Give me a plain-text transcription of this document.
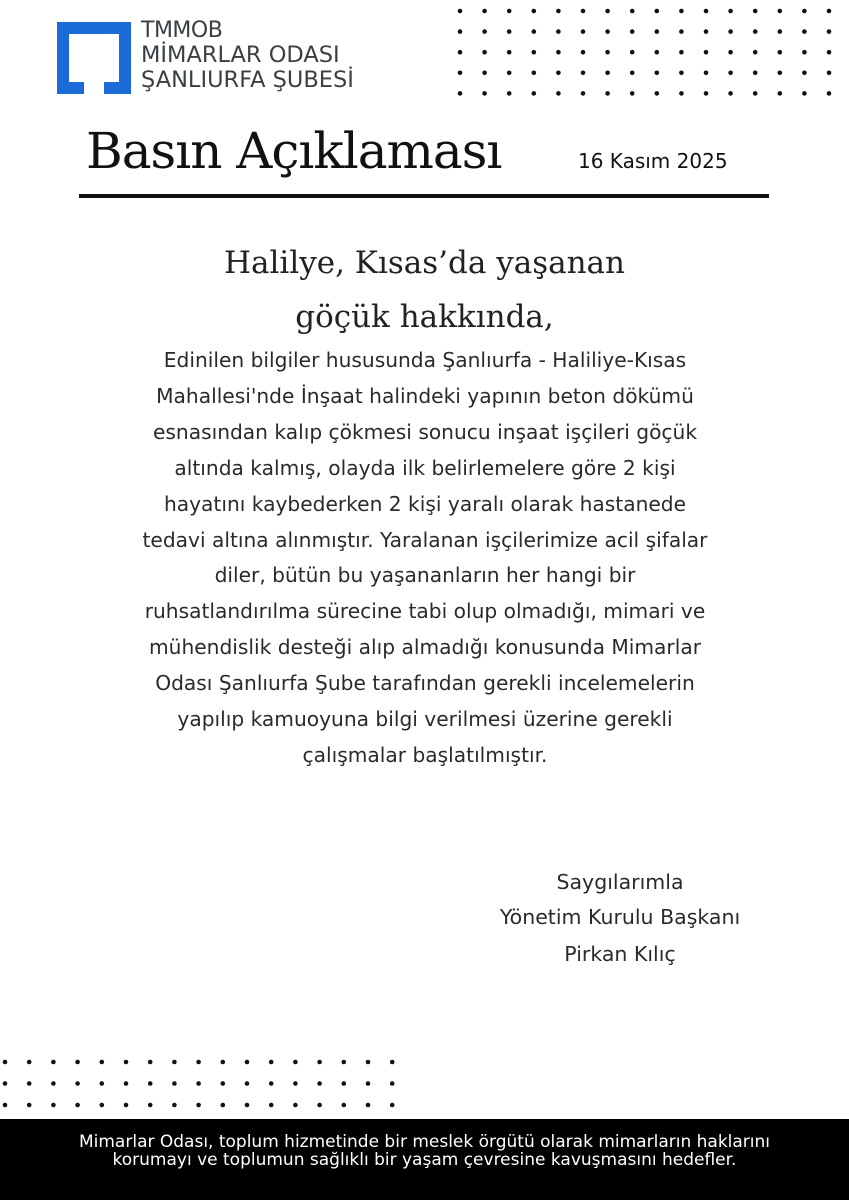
TMMOB
MİMARLAR ODASI
ŞANLIURFA ŞUBESİ
Basın Açıklaması	16 Kasım 2025
Halilye, Kısas’da yaşanan
göçük hakkında,
Edinilen bilgiler hususunda Şanlıurfa - Haliliye-Kısas
Mahallesi'nde İnşaat halindeki yapının beton dökümü
esnasından kalıp çökmesi sonucu inşaat işçileri göçük
altında kalmış, olayda ilk belirlemelere göre 2 kişi
hayatını kaybederken 2 kişi yaralı olarak hastanede
tedavi altına alınmıştır. Yaralanan işçilerimize acil şifalar
diler, bütün bu yaşananların her hangi bir
ruhsatlandırılma sürecine tabi olup olmadığı, mimari ve
mühendislik desteği alıp almadığı konusunda Mimarlar
Odası Şanlıurfa Şube tarafından gerekli incelemelerin
yapılıp kamuoyuna bilgi verilmesi üzerine gerekli
çalışmalar başlatılmıştır.
Saygılarımla
Yönetim Kurulu Başkanı
Pirkan Kılıç
Mimarlar Odası, toplum hizmetinde bir meslek örgütü olarak mimarların haklarını
korumayı ve toplumun sağlıklı bir yaşam çevresine kavuşmasını hedefler.
